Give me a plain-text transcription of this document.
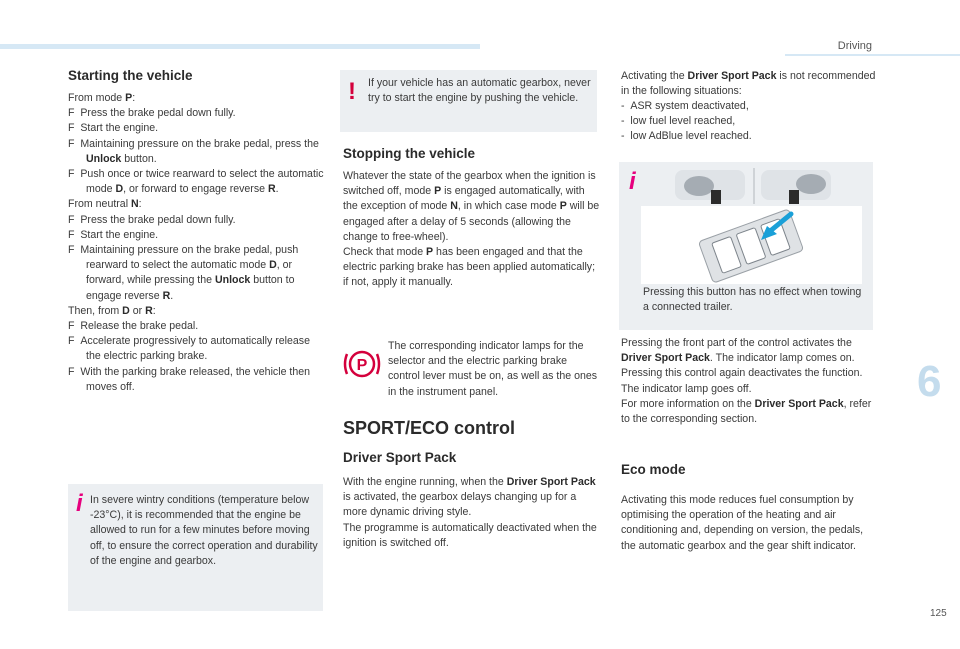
Driving
6
125
Starting the vehicle
From mode P:
F  Press the brake pedal down fully.
F  Start the engine.
F  Maintaining pressure on the brake pedal, press the Unlock button.
F  Push once or twice rearward to select the automatic mode D, or forward to engage reverse R.
From neutral N:
F  Press the brake pedal down fully.
F  Start the engine.
F  Maintaining pressure on the brake pedal, push rearward to select the automatic mode D, or forward, while pressing the Unlock button to engage reverse R.
Then, from D or R:
F  Release the brake pedal.
F  Accelerate progressively to automatically release the electric parking brake.
F  With the parking brake released, the vehicle then moves off.
i In severe wintry conditions (temperature below -23°C), it is recommended that the engine be allowed to run for a few minutes before moving off, to ensure the correct operation and durability of the engine and gearbox.

! If your vehicle has an automatic gearbox, never try to start the engine by pushing the vehicle.

Stopping the vehicle

Whatever the state of the gearbox when the ignition is switched off, mode P is engaged automatically, with the exception of mode N, in which case mode P will be engaged after a delay of 5 seconds (allowing the change to free-wheel).
Check that mode P has been engaged and that the electric parking brake has been applied automatically; if not, apply it manually.

P

The corresponding indicator lamps for the selector and the electric parking brake control lever must be on, as well as the ones in the instrument panel.

SPORT/ECO control
Driver Sport Pack

With the engine running, when the Driver Sport Pack is activated, the gearbox delays changing up for a more dynamic driving style.
The programme is automatically deactivated when the ignition is switched off.

Activating the Driver Sport Pack is not recommended in the following situations:

-  ASR system deactivated,
-  low fuel level reached,
-  low AdBlue level reached.
i

Pressing this button has no effect when towing a connected trailer.

Pressing the front part of the control activates the Driver Sport Pack. The indicator lamp comes on.
Pressing this control again deactivates the function. The indicator lamp goes off.
For more information on the Driver Sport Pack, refer to the corresponding section.

Eco mode

Activating this mode reduces fuel consumption by optimising the operation of the heating and air conditioning and, depending on version, the pedals, the automatic gearbox and the gear shift indicator.
